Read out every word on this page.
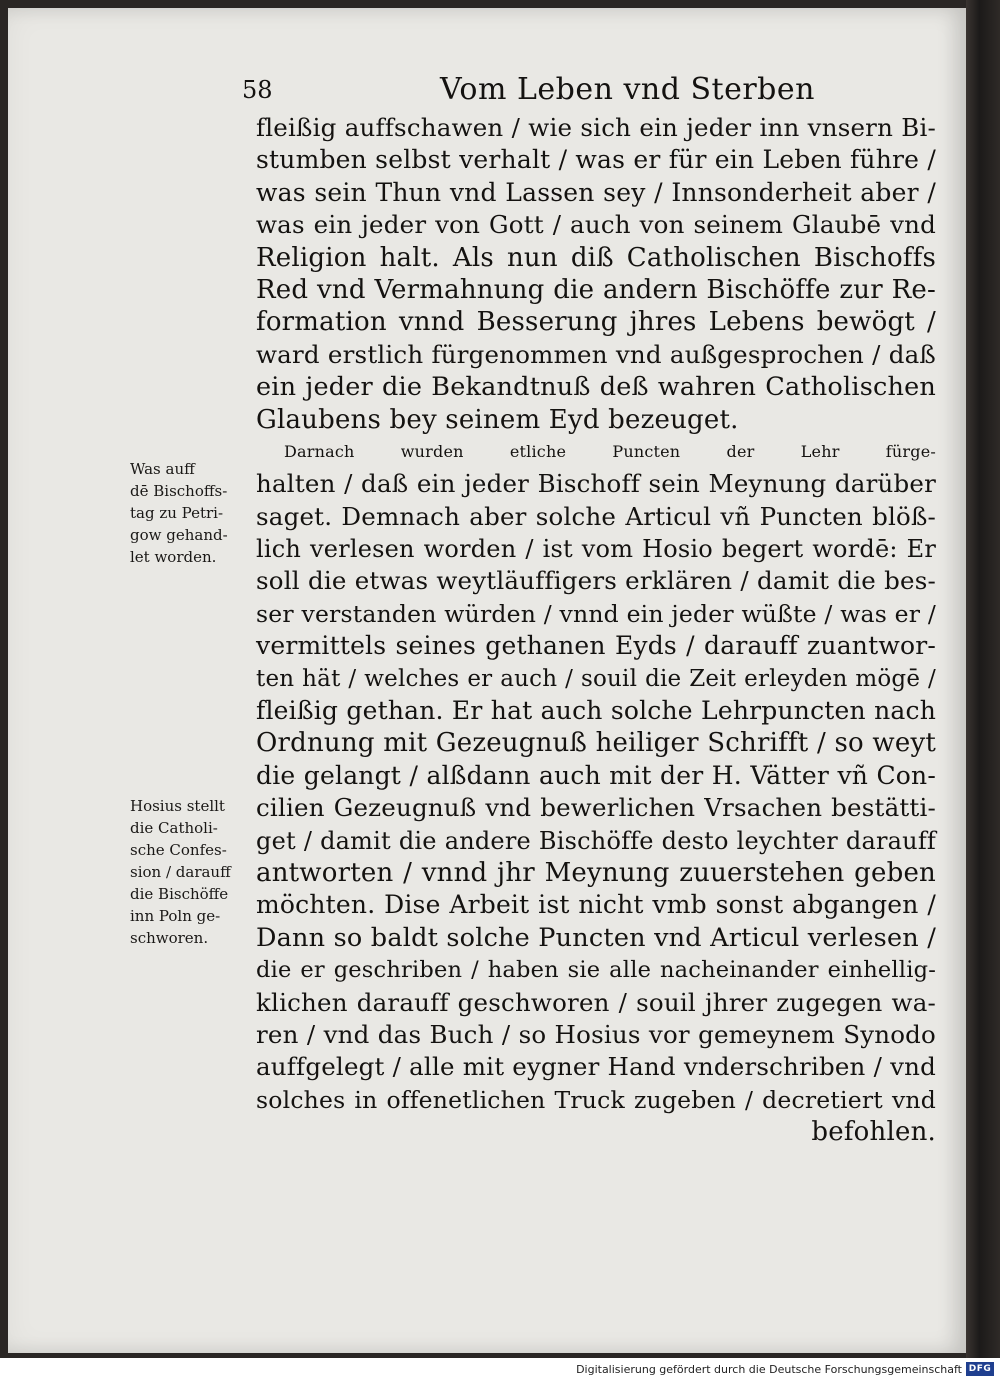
58	Vom Leben vnd Sterben
fleißig auffschawen / wie sich ein jeder inn vnsern Bi-
stumben selbst verhalt / was er für ein Leben führe /
was sein Thun vnd Lassen sey / Innsonderheit aber /
was ein jeder von Gott / auch von seinem Glaubē vnd
Religion halt. Als nun diß Catholischen Bischoffs
Red vnd Vermahnung die andern Bischöffe zur Re-
formation vnnd Besserung jhres Lebens bewögt /
ward erstlich fürgenommen vnd außgesprochen / daß
ein jeder die Bekandtnuß deß wahren Catholischen
Glaubens bey seinem Eyd bezeuget.
Darnach wurden etliche Puncten der Lehr fürge-
halten / daß ein jeder Bischoff sein Meynung darüber
saget. Demnach aber solche Articul vñ Puncten blöß-
lich verlesen worden / ist vom Hosio begert wordē: Er
soll die etwas weytläuffigers erklären / damit die bes-
ser verstanden würden / vnnd ein jeder wüßte / was er /
vermittels seines gethanen Eyds / darauff zuantwor-
ten hät / welches er auch / souil die Zeit erleyden mögē /
fleißig gethan. Er hat auch solche Lehrpuncten nach
Ordnung mit Gezeugnuß heiliger Schrifft / so weyt
die gelangt / alßdann auch mit der H. Vätter vñ Con-
cilien Gezeugnuß vnd bewerlichen Vrsachen bestätti-
get / damit die andere Bischöffe desto leychter darauff
antworten / vnnd jhr Meynung zuuerstehen geben
möchten. Dise Arbeit ist nicht vmb sonst abgangen /
Dann so baldt solche Puncten vnd Articul verlesen /
die er geschriben / haben sie alle nacheinander einhellig-
klichen darauff geschworen / souil jhrer zugegen wa-
ren / vnd das Buch / so Hosius vor gemeynem Synodo
auffgelegt / alle mit eygner Hand vnderschriben / vnd
solches in offenetlichen Truck zugeben / decretiert vnd
befohlen.
Was auff
dē Bischoffs-
tag zu Petri-
gow gehand-
let worden.
Hosius stellt
die Catholi-
sche Confes-
sion / darauff
die Bischöffe
inn Poln ge-
schworen.
Digitalisierung gefördert durch die Deutsche Forschungsgemeinschaft DFG
